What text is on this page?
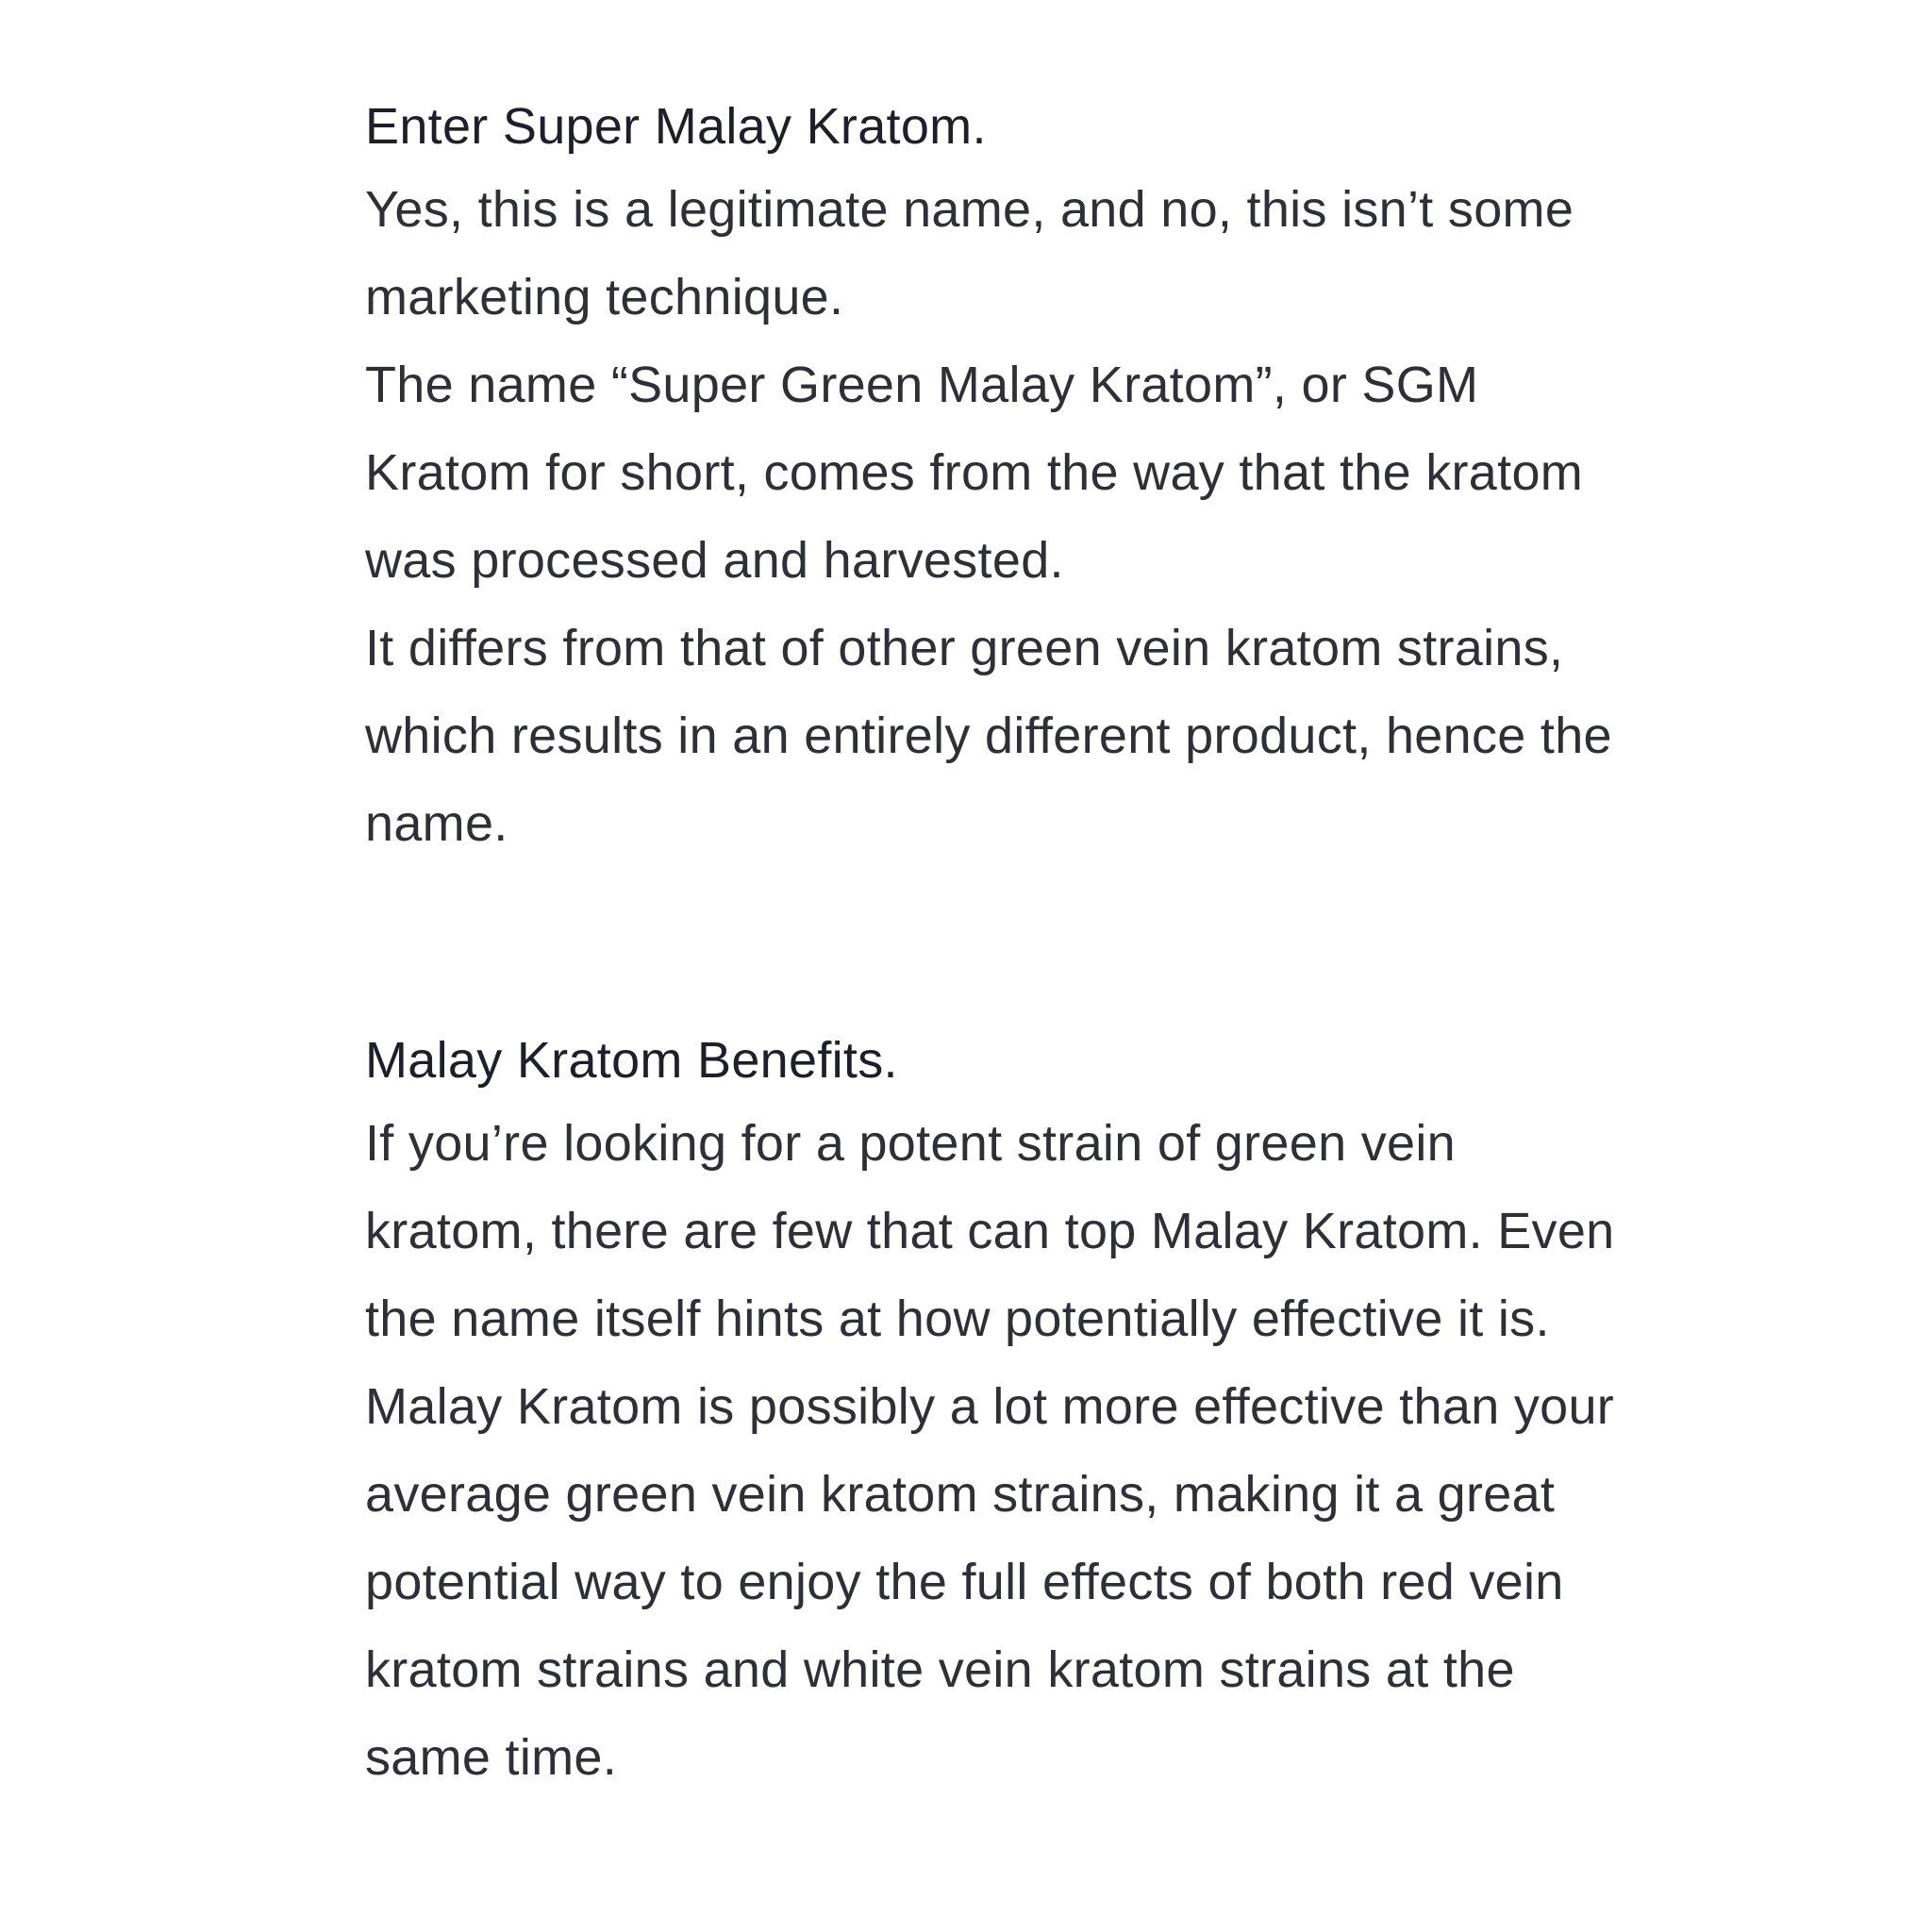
Enter Super Malay Kratom.

Yes, this is a legitimate name, and no, this isn’t some marketing technique.

The name “Super Green Malay Kratom”, or SGM Kratom for short, comes from the way that the kratom was processed and harvested.

It differs from that of other green vein kratom strains, which results in an entirely different product, hence the name.

Malay Kratom Benefits.

If you’re looking for a potent strain of green vein kratom, there are few that can top Malay Kratom. Even the name itself hints at how potentially effective it is. Malay Kratom is possibly a lot more effective than your average green vein kratom strains, making it a great potential way to enjoy the full effects of both red vein kratom strains and white vein kratom strains at the same time.
